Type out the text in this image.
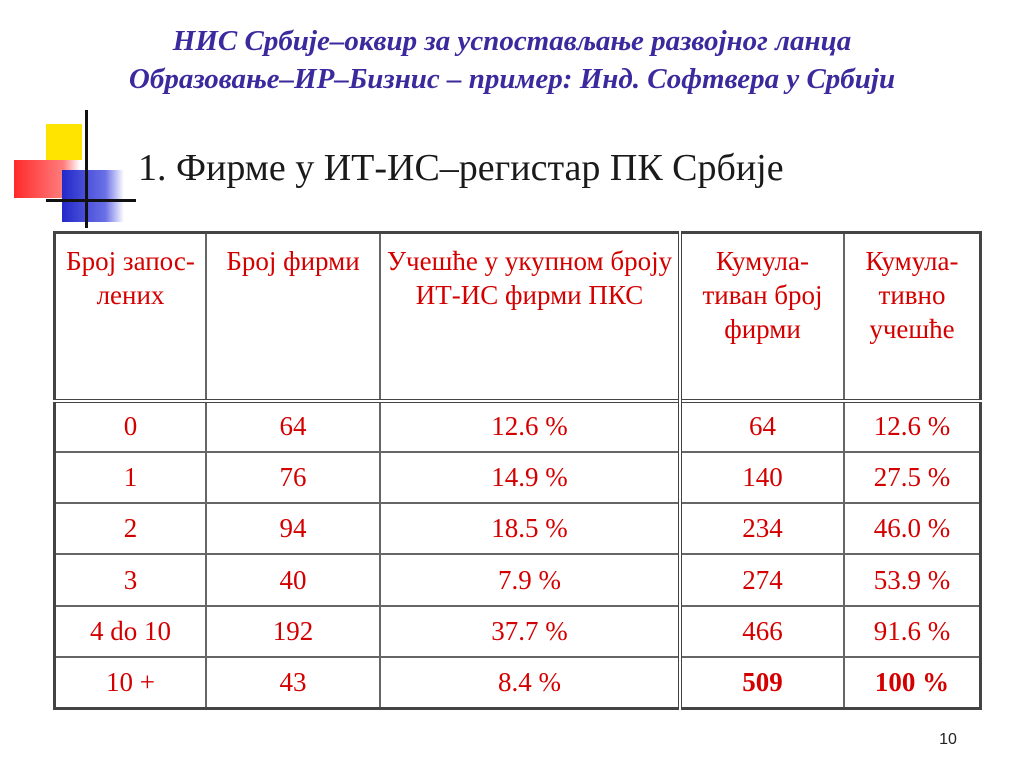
НИС Србије–оквир за успостављање развојног ланца
Образовање–ИР–Бизнис – пример: Инд. Софтвера у Србији
1. Фирме у ИТ-ИС–регистар ПК Србије
Број запос-лених	Број фирми	Учешће у укупном броју ИТ-ИС фирми ПКС	Кумула-тиван број фирми	Кумула-тивно учешће
0	64	12.6 %	64	12.6 %
1	76	14.9 %	140	27.5 %
2	94	18.5 %	234	46.0 %
3	40	7.9 %	274	53.9 %
4 do 10	192	37.7 %	466	91.6 %
10 +	43	8.4 %	509	100 %
10
